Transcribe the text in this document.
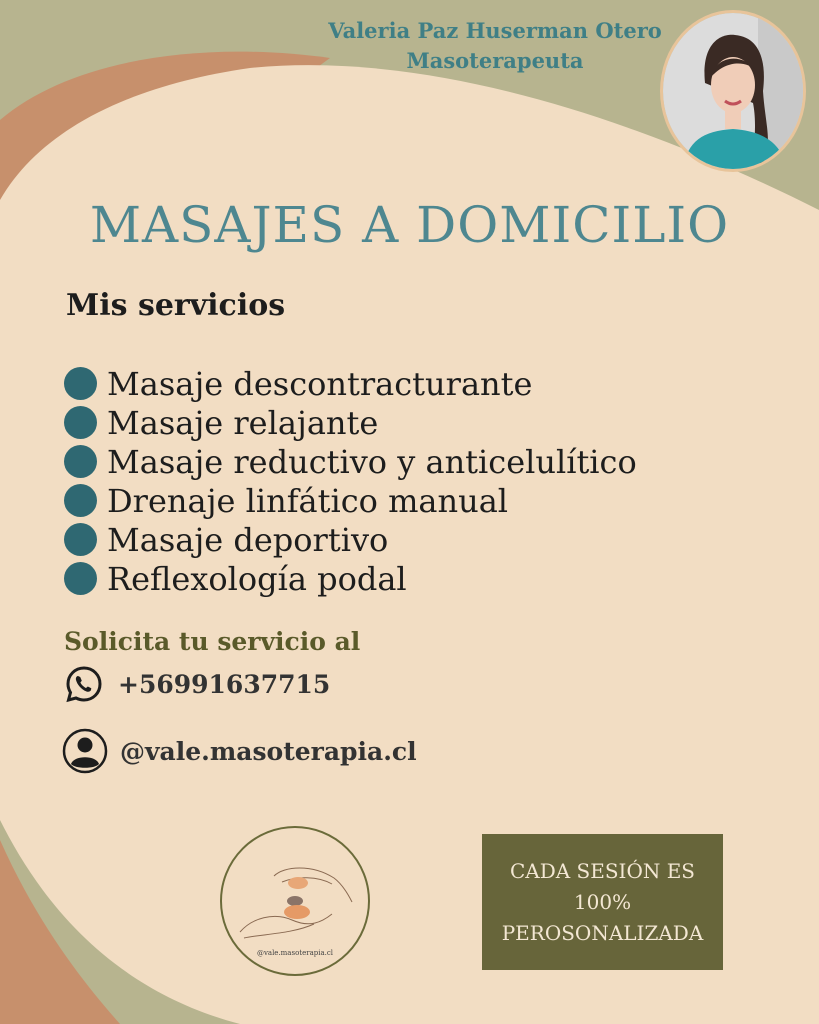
Valeria Paz Huserman Otero
Masoterapeuta
MASAJES A DOMICILIO
Mis servicios
Masaje descontracturante
Masaje relajante
Masaje reductivo y anticelulítico
Drenaje linfático manual
Masaje deportivo
Reflexología podal
Solicita tu servicio al
+56991637715
@vale.masoterapia.cl
@vale.masoterapia.cl
CADA SESIÓN ES
100%
PEROSONALIZADA
